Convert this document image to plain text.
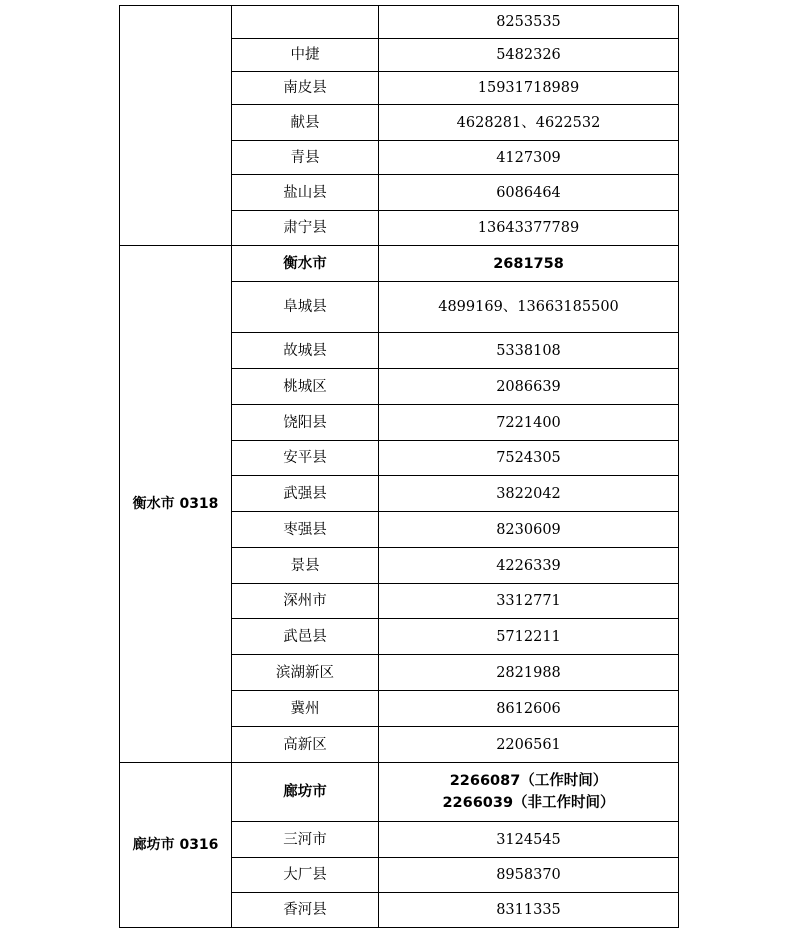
		8253535
	中捷	5482326
	南皮县	15931718989
	献县	4628281、4622532
	青县	4127309
	盐山县	6086464
	肃宁县	13643377789
衡水市 0318	衡水市	2681758
	阜城县	4899169、13663185500
	故城县	5338108
	桃城区	2086639
	饶阳县	7221400
	安平县	7524305
	武强县	3822042
	枣强县	8230609
	景县	4226339
	深州市	3312771
	武邑县	5712211
	滨湖新区	2821988
	冀州	8612606
	高新区	2206561
廊坊市 0316	廊坊市	2266087（工作时间）
2266039（非工作时间）

	三河市	3124545
	大厂县	8958370
	香河县	8311335
